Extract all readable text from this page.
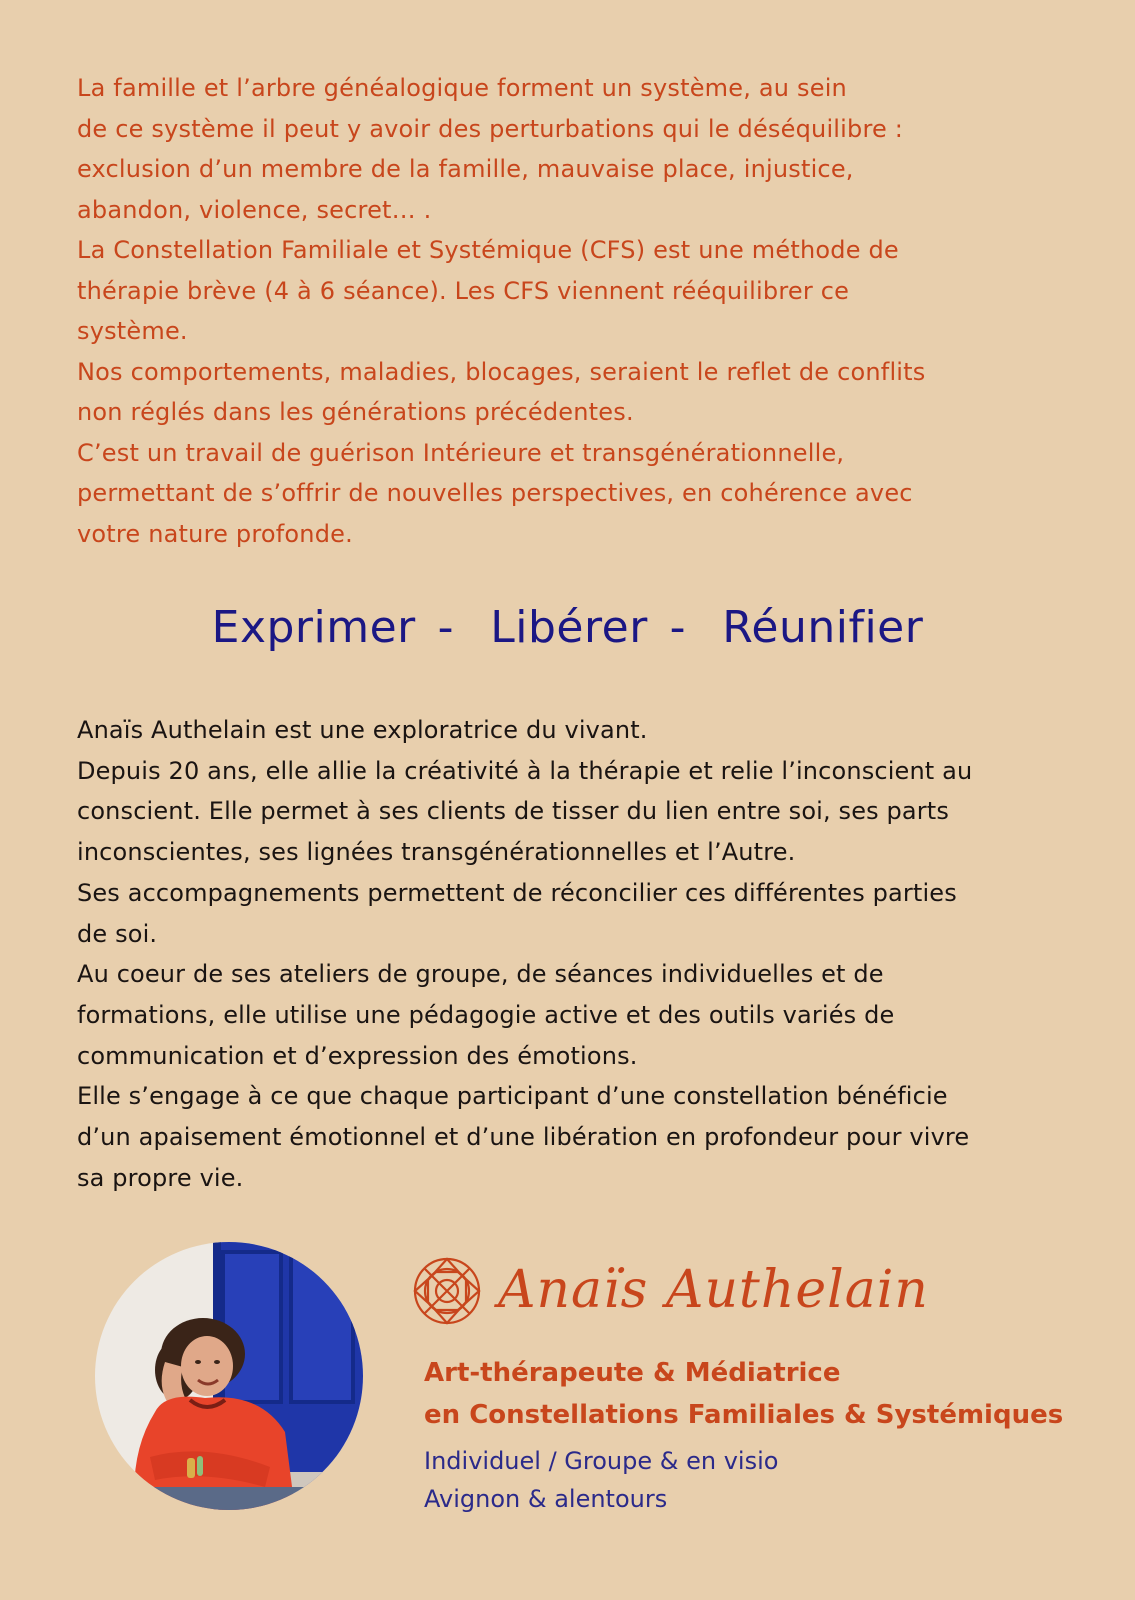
La famille et l’arbre généalogique forment un système, au sein

de ce système il peut y avoir des perturbations qui le déséquilibre :

exclusion d’un membre de la famille, mauvaise place, injustice,

abandon, violence, secret… .

La Constellation Familiale et Systémique (CFS) est une méthode de

thérapie brève (4 à 6 séance). Les CFS viennent rééquilibrer ce

système.

Nos comportements, maladies, blocages, seraient le reflet de conflits

non réglés dans les générations précédentes.

C’est un travail de guérison Intérieure et transgénérationnelle,

permettant de s’offrir de nouvelles perspectives, en cohérence avec

votre nature profonde.

Exprimer - Libérer - Réunifier

Anaïs Authelain est une exploratrice du vivant.

Depuis 20 ans, elle allie la créativité à la thérapie et relie l’inconscient au

conscient. Elle permet à ses clients de tisser du lien entre soi, ses parts

inconscientes, ses lignées transgénérationnelles et l’Autre.

Ses accompagnements permettent de réconcilier ces différentes parties

de soi.

Au coeur de ses ateliers de groupe, de séances individuelles et de

formations, elle utilise une pédagogie active et des outils variés de

communication et d’expression des émotions.

Elle s’engage à ce que chaque participant d’une constellation bénéficie

d’un apaisement émotionnel et d’une libération en profondeur pour vivre

sa propre vie.

Anaïs Authelain
Art-thérapeute & Médiatrice
en Constellations Familiales & Systémiques
Individuel / Groupe & en visio
Avignon & alentours
